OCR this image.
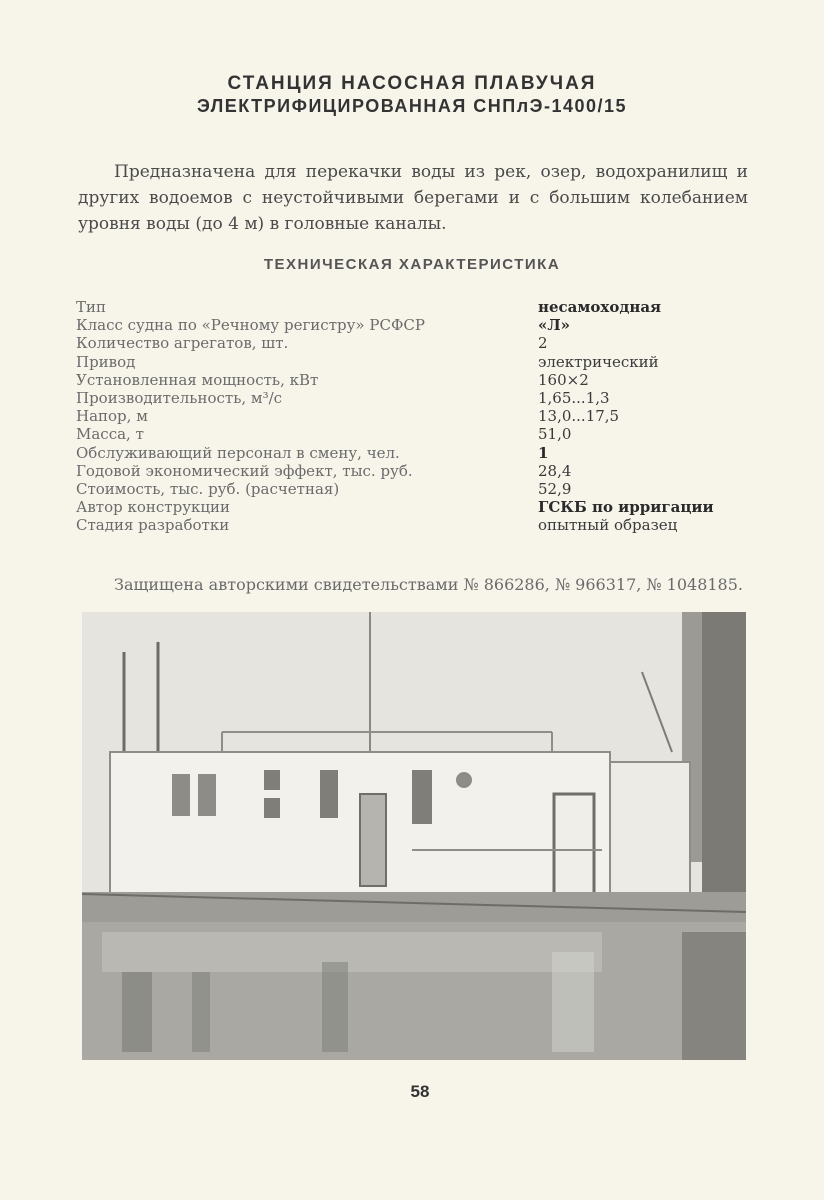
СТАНЦИЯ НАСОСНАЯ ПЛАВУЧАЯ
ЭЛЕКТРИФИЦИРОВАННАЯ СНПлЭ-1400/15

Предназначена для перекачки воды из рек, озер, водохранилищ и других водоемов с неустойчивыми берегами и с большим колебанием уровня воды (до 4 м) в головные каналы.

ТЕХНИЧЕСКАЯ ХАРАКТЕРИСТИКА
Тип	несамоходная
Класс судна по «Речному регистру» РСФСР	«Л»
Количество агрегатов, шт.	2
Привод	электрический
Установленная мощность, кВт	160×2
Производительность, м³/с	1,65...1,3
Напор, м	13,0...17,5
Масса, т	51,0
Обслуживающий персонал в смену, чел.	1
Годовой экономический эффект, тыс. руб.	28,4
Стоимость, тыс. руб. (расчетная)	52,9
Автор конструкции	ГСКБ по ирригации
Стадия разработки	опытный образец

Защищена авторскими свидетельствами № 866286, № 966317, № 1048185.

58
